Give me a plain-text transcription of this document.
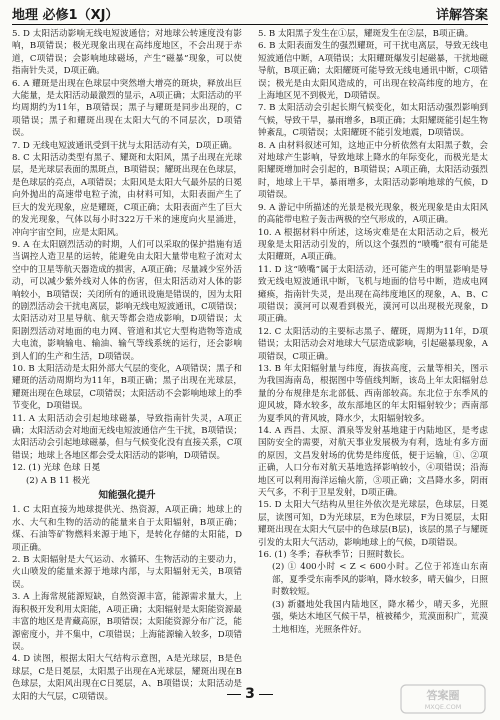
地理 必修1（XJ）	详解答案

5. D 太阳活动影响无线电短波通信；对地球公转速度没有影响，B项错误；极光现象出现在高纬度地区，不会出现于赤道，C项错误；会影响地球磁场，产生“磁暴”现象，可以使指南针失灵，D项正确。

6. A 耀斑是出现在色球层中突然增大增亮的斑块，释放出巨大能量，是太阳活动最激烈的显示，A项正确；太阳活动的平均周期约为11年，B项错误；黑子与耀斑是同步出现的，C项错误；黑子和耀斑出现在太阳大气的不同层次，D项错误。

7. D 无线电短波通讯受到干扰与太阳活动有关，D项正确。

8. C 太阳活动类型有黑子、耀斑和太阳风，黑子出现在光球层，是光球层表面的黑斑点，B项错误；耀斑出现在色球层，是色球层的亮点，A项错误；太阳风是太阳大气最外层的日冕向外抛出的高速带电粒子流，由材料可知，太阳表面产生了巨大的发光现象，应是耀斑，C项正确；太阳表面产生了巨大的发光现象，气体以每小时322万千米的速度向火星涌进，冲向宇宙空间，应是太阳风。

9. A 在太阳剧烈活动的时期，人们可以采取的保护措施有适当调控人造卫星的运转，能避免由太阳大量带电粒子流对太空中的卫星等航天器造成的损害，A项正确；尽量减少室外活动，可以减少紫外线对人体的伤害，但太阳活动对人体的影响较小，B项错误；关闭所有的通讯设施是错误的，因为太阳的剧烈活动会干扰电离层，影响无线电短波通讯，C项错误；太阳活动对卫星导航、航天等都会造成影响，D项错误；太阳剧烈活动对地面的电力网、管道和其它大型构造物等造成大电流，影响输电、输油、输气等线系统的运行，还会影响到人们的生产和生活，D项错误。

10. B 太阳活动是太阳外部大气层的变化，A项错误；黑子和耀斑的活动周期均为11年，B项正确；黑子出现在光球层，耀斑出现在色球层，C项错误；太阳活动不会影响地球上的季节变化，D项错误。

11. A 太阳活动会引起地球磁暴，导致指南针失灵，A项正确；太阳活动会对地面无线电短波通信产生干扰，B项错误；太阳活动会引起地球磁暴，但与气候变化没有直接关系，C项错误；地球上各地区都会受太阳活动的影响，D项错误。

12. (1) 光球 色球 日冕

(2) A B 11 极光

知能强化提升

1. C 太阳直接为地球提供光、热资源，A项正确；地球上的水、大气和生物的活动的能量来自于太阳辐射，B项正确；煤、石油等矿物燃料来源于地下，是转化存储的太阳能，D项正确。

2. B 太阳辐射是大气运动、水循环、生物活动的主要动力，火山喷发的能量来源于地球内部，与太阳辐射无关，B项错误。

3. A 上海常规能源短缺，自然资源丰富，能源需求量大，上海积极开发利用太阳能，A项正确；太阳辐射是太阳能资源最丰富的地区是青藏高原，B项错误；太阳能资源分布广泛，能源密度小，并不集中，C项错误；上海能源输入较多，D项错误。

4. D 读图，根据太阳大气结构示意图，A是光球层，B是色球层，C是日冕层，太阳黑子出现在A光球层，耀斑出现在B色球层，太阳风出现在C日冕层，A、B项错误；太阳活动是太阳的大气层，C项错误。

5. B 太阳黑子发生在①层，耀斑发生在②层，B项正确。

6. B 太阳表面发生的强烈耀斑，可干扰电离层，导致无线电短波通信中断，A项错误；太阳耀斑爆发引起磁暴，干扰地磁导航，B项正确；太阳耀斑可能导致无线电通讯中断，C项错误；极光是由太阳风造成的，可出现在较高纬度的地方，在上海地区见不到极光，D项错误。

7. B 太阳活动会引起长期气候变化，如太阳活动强烈影响到气候，导致干旱，暴雨增多，B项正确；太阳耀斑能引起生物钟紊乱，C项错误；太阳耀斑不能引发地震，D项错误。

8. A 由材料叙述可知，这地正中分析依然有太阳黑子数，会对地球产生影响，导致地球上降水的年际变化，而极光是太阳耀斑增加时会引起的，B项错误；A项正确，太阳活动强烈时，地球上干旱，暴雨增多，太阳活动影响地球的气候，D项错误。

9. A 游记中所描述的光景是极光现象，极光现象是由太阳风的高能带电粒子轰击两极的空气形成的，A项正确。

10. A 根据材料中所述，这场灾难是在太阳活动之后，极光现象是太阳活动引发的，所以这个强烈的“喷嘴”很有可能是太阳耀斑，A项正确。

11. D 这“喷嘴”属于太阳活动，还可能产生的明显影响是导致无线电短波通讯中断，飞机与地面的信号中断，造成电网瘫痪，指南针失灵，是出现在高纬度地区的现象，A、B、C项错误；漠河可以观看到极光，漠河可以出现极光现象，D项正确。

12. C 太阳活动的主要标志黑子、耀斑，周期为11年，D项错误；太阳活动会对地球大气层造成影响，引起磁暴现象，A项错误，C项正确。

13. B 年太阳辐射量与纬度，海拔高度，云量等相关，图示为我国海南岛，根据图中等值线判断，该岛上年太阳辐射总量的分布规律是东北部低、西南部较高。东北位于东季风的迎风坡，降水较多，故东部地区的年太阳辐射较少；西南部为夏季风的背风坡，降水少，太阳辐射较多。

14. A 西昌、太原、酒泉等发射基地建于内陆地区，是考虑国防安全的需要，对航天事业发展极为有利，选址有多方面的原因，文昌发射场的优势是纬度低，便于运输，①、②项正确，人口分布对航天基地选择影响较小，④项错误；沿海地区可以利用海洋运输火箭，③项正确；文昌降水多，阴雨天气多，不利于卫星发射，D项正确。

15. D 太阳大气结构从里往外依次是光球层，色球层，日冕层，读图可知，D为光球层，E为色球层，F为日冕层，太阳耀斑出现在太阳大气层中的色球层(B层)，该层的黑子与耀斑引发的太阳大气活动，影响地球上的气候，D项错误。

16. (1) 冬季；春秋季节；日照时数长。

(2) ① 400小时 < Z < 600小时。乙位于祁连山东南部，夏季受东南季风的影响，降水较多，晴天偏少，日照时数较短。

(3) 新疆地处我国内陆地区，降水稀少，晴天多，光照强，柴达木地区气候干旱，植被稀少，荒漠面积广，荒漠土地相连，光照条件好。

3	答案圈
MXQE.COM
